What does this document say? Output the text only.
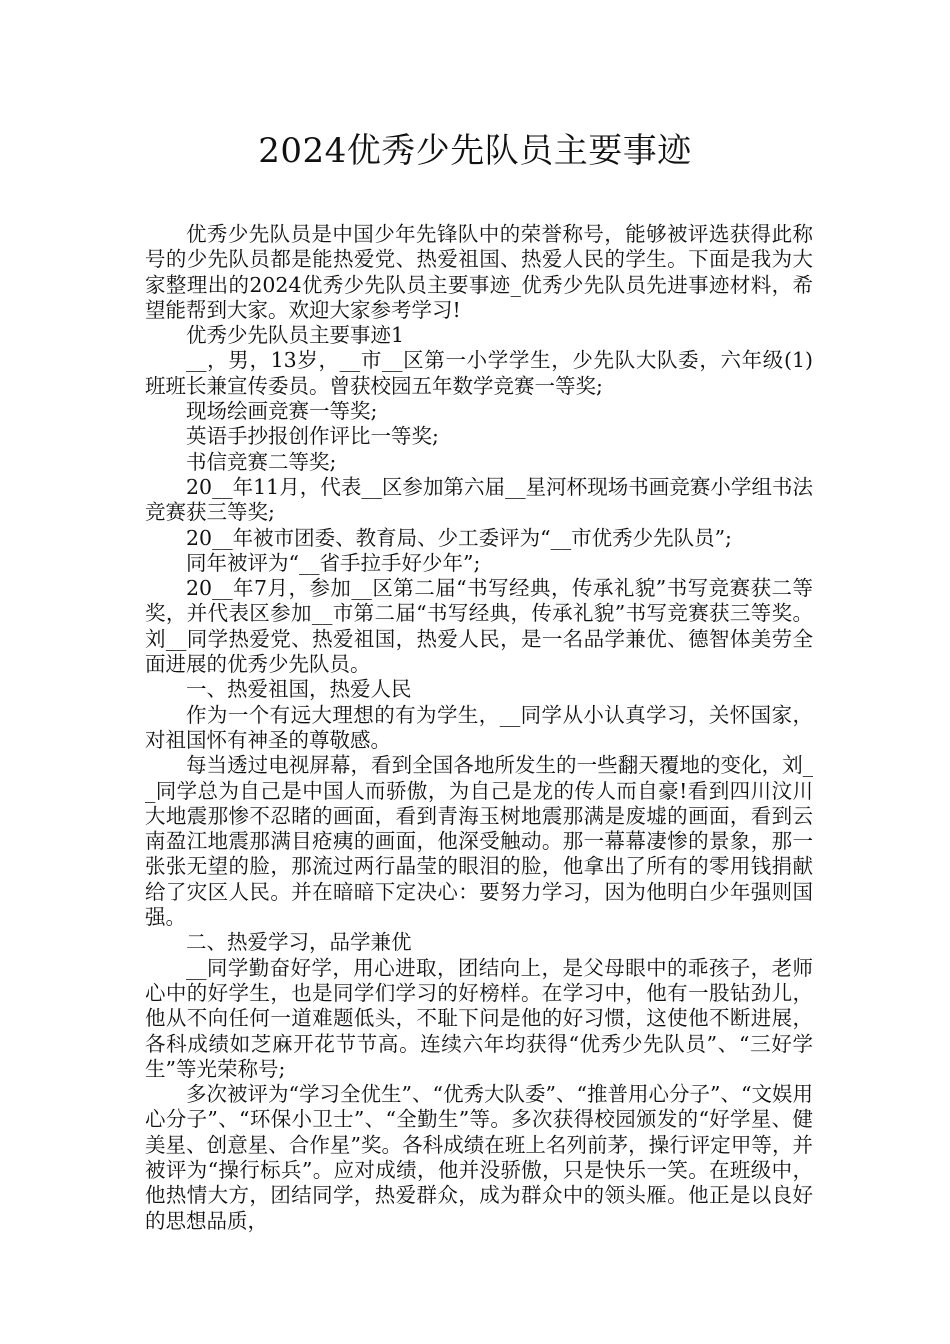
2024优秀少先队员主要事迹

优秀少先队员是中国少年先锋队中的荣誉称号，能够被评选获得此称号的少先队员都是能热爱党、热爱祖国、热爱人民的学生。下面是我为大家整理出的2024优秀少先队员主要事迹_优秀少先队员先进事迹材料，希望能帮到大家。欢迎大家参考学习!

优秀少先队员主要事迹1

__，男，13岁，__市__区第一小学学生，少先队大队委，六年级(1)班班长兼宣传委员。曾获校园五年数学竞赛一等奖;

现场绘画竞赛一等奖;

英语手抄报创作评比一等奖;

书信竞赛二等奖;

20__年11月，代表__区参加第六届__星河杯现场书画竞赛小学组书法竞赛获三等奖;

20__年被市团委、教育局、少工委评为“__市优秀少先队员”;

同年被评为“__省手拉手好少年”;

20__年7月，参加__区第二届“书写经典，传承礼貌”书写竞赛获二等奖，并代表区参加__市第二届“书写经典，传承礼貌”书写竞赛获三等奖。刘__同学热爱党、热爱祖国，热爱人民，是一名品学兼优、德智体美劳全面进展的优秀少先队员。

一、热爱祖国，热爱人民

作为一个有远大理想的有为学生，__同学从小认真学习，关怀国家，对祖国怀有神圣的尊敬感。

每当透过电视屏幕，看到全国各地所发生的一些翻天覆地的变化，刘__同学总为自己是中国人而骄傲，为自己是龙的传人而自豪!看到四川汶川大地震那惨不忍睹的画面，看到青海玉树地震那满是废墟的画面，看到云南盈江地震那满目疮痍的画面，他深受触动。那一幕幕凄惨的景象，那一张张无望的脸，那流过两行晶莹的眼泪的脸，他拿出了所有的零用钱捐献给了灾区人民。并在暗暗下定决心：要努力学习，因为他明白少年强则国强。

二、热爱学习，品学兼优

__同学勤奋好学，用心进取，团结向上，是父母眼中的乖孩子，老师心中的好学生，也是同学们学习的好榜样。在学习中，他有一股钻劲儿，他从不向任何一道难题低头，不耻下问是他的好习惯，这使他不断进展，各科成绩如芝麻开花节节高。连续六年均获得“优秀少先队员”、“三好学生”等光荣称号;

多次被评为“学习全优生”、“优秀大队委”、“推普用心分子”、“文娱用心分子”、“环保小卫士”、“全勤生”等。多次获得校园颁发的“好学星、健美星、创意星、合作星”奖。各科成绩在班上名列前茅，操行评定甲等，并被评为“操行标兵”。应对成绩，他并没骄傲，只是快乐一笑。在班级中，他热情大方，团结同学，热爱群众，成为群众中的领头雁。他正是以良好的思想品质，
